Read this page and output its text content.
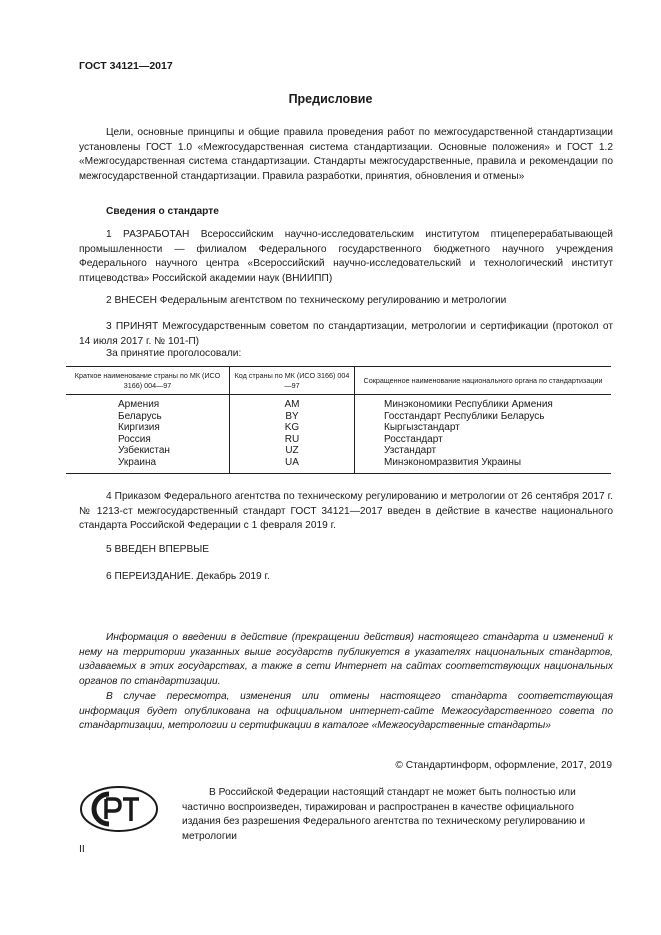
ГОСТ 34121—2017
Предисловие
Цели, основные принципы и общие правила проведения работ по межгосударственной стандартизации установлены ГОСТ 1.0 «Межгосударственная система стандартизации. Основные положения» и ГОСТ 1.2 «Межгосударственная система стандартизации. Стандарты межгосударственные, правила и рекомендации по межгосударственной стандартизации. Правила разработки, принятия, обновления и отмены»
Сведения о стандарте
1 РАЗРАБОТАН Всероссийским научно-исследовательским институтом птицеперерабатывающей промышленности — филиалом Федерального государственного бюджетного научного учреждения Федерального научного центра «Всероссийский научно-исследовательский и технологический институт птицеводства» Российской академии наук (ВНИИПП)
2 ВНЕСЕН Федеральным агентством по техническому регулированию и метрологии
3 ПРИНЯТ Межгосударственным советом по стандартизации, метрологии и сертификации (протокол от 14 июля 2017 г. № 101-П)
За принятие проголосовали:
Краткое наименование страны по МК (ИСО 3166) 004—97	Код страны по МК (ИСО 3166) 004—97	Сокращенное наименование национального органа по стандартизации
Армения	AM	Минэкономики Республики Армения
Беларусь	BY	Госстандарт Республики Беларусь
Киргизия	KG	Кыргызстандарт
Россия	RU	Росстандарт
Узбекистан	UZ	Узстандарт
Украина	UA	Минэкономразвития Украины
4 Приказом Федерального агентства по техническому регулированию и метрологии от 26 сентября 2017 г. № 1213-ст межгосударственный стандарт ГОСТ 34121—2017 введен в действие в качестве национального стандарта Российской Федерации с 1 февраля 2019 г.
5 ВВЕДЕН ВПЕРВЫЕ
6 ПЕРЕИЗДАНИЕ. Декабрь 2019 г.
Информация о введении в действие (прекращении действия) настоящего стандарта и изменений к нему на территории указанных выше государств публикуется в указателях национальных стандартов, издаваемых в этих государствах, а также в сети Интернет на сайтах соответствующих национальных органов по стандартизации.
В случае пересмотра, изменения или отмены настоящего стандарта соответствующая информация будет опубликована на официальном интернет-сайте Межгосударственного совета по стандартизации, метрологии и сертификации в каталоге «Межгосударственные стандарты»
© Стандартинформ, оформление, 2017, 2019
В Российской Федерации настоящий стандарт не может быть полностью или частично воспроизведен, тиражирован и распространен в качестве официального издания без разрешения Федерального агентства по техническому регулированию и метрологии
II
